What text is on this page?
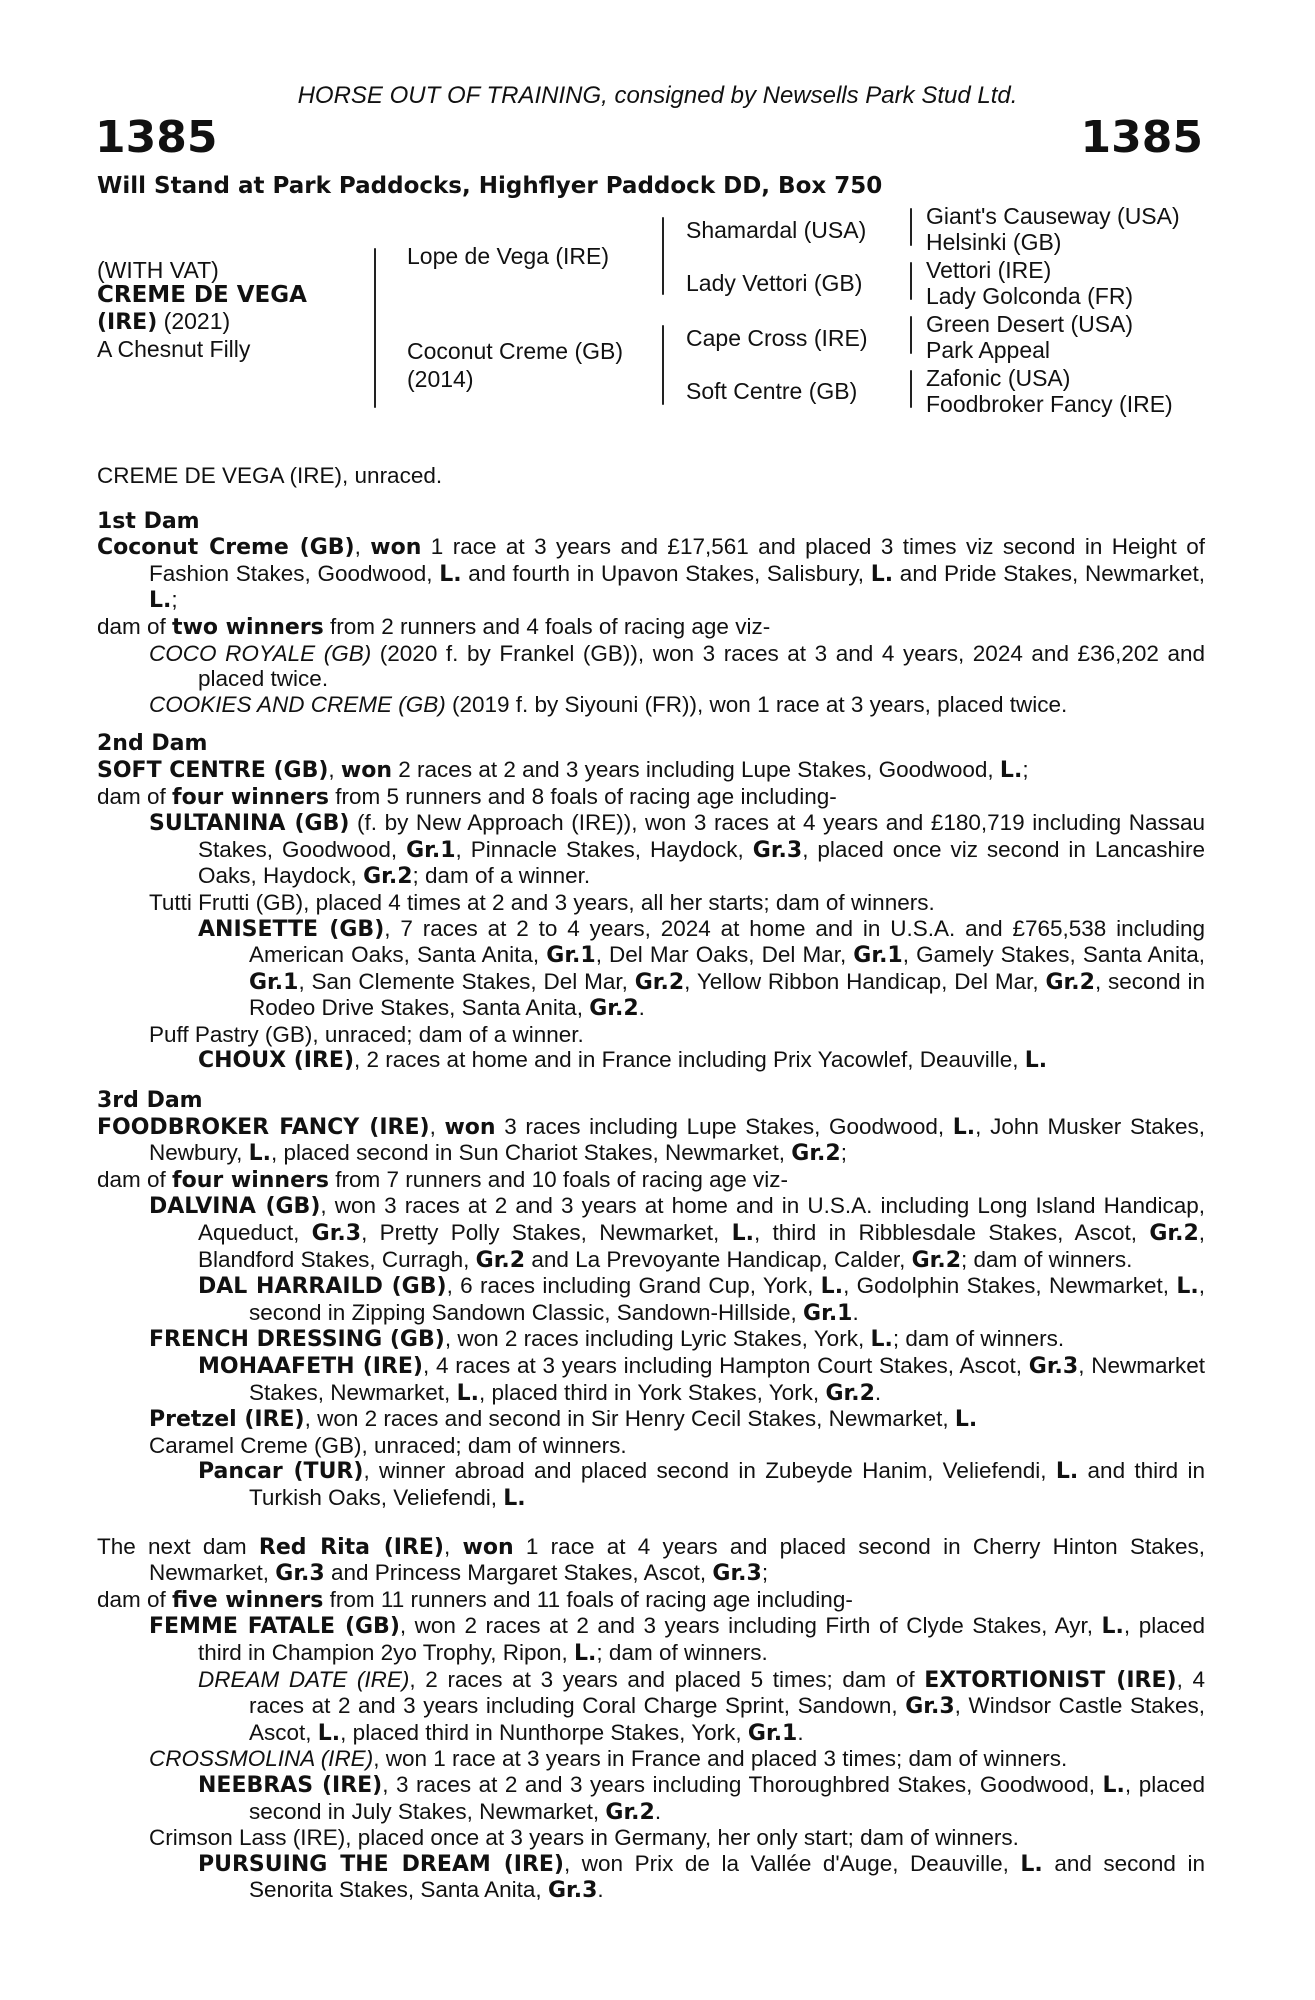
HORSE OUT OF TRAINING, consigned by Newsells Park Stud Ltd.
1385	1385
Will Stand at Park Paddocks, Highflyer Paddock DD, Box 750
(WITH VAT)
CREME DE VEGA
(IRE) (2021)
A Chesnut Filly
Lope de Vega (IRE)
Coconut Creme (GB)
(2014)
Shamardal (USA)
Lady Vettori (GB)
Cape Cross (IRE)
Soft Centre (GB)
Giant's Causeway (USA)
Helsinki (GB)
Vettori (IRE)
Lady Golconda (FR)
Green Desert (USA)
Park Appeal
Zafonic (USA)
Foodbroker Fancy (IRE)

CREME DE VEGA (IRE), unraced.

1st Dam

Coconut Creme (GB), won 1 race at 3 years and £17,561 and placed 3 times viz second in Height of Fashion Stakes, Goodwood, L. and fourth in Upavon Stakes, Salisbury, L. and Pride Stakes, Newmarket, L.;

dam of two winners from 2 runners and 4 foals of racing age viz-

COCO ROYALE (GB) (2020 f. by Frankel (GB)), won 3 races at 3 and 4 years, 2024 and £36,202 and placed twice.

COOKIES AND CREME (GB) (2019 f. by Siyouni (FR)), won 1 race at 3 years, placed twice.

2nd Dam

SOFT CENTRE (GB), won 2 races at 2 and 3 years including Lupe Stakes, Goodwood, L.;

dam of four winners from 5 runners and 8 foals of racing age including-

SULTANINA (GB) (f. by New Approach (IRE)), won 3 races at 4 years and £180,719 including Nassau Stakes, Goodwood, Gr.1, Pinnacle Stakes, Haydock, Gr.3, placed once viz second in Lancashire Oaks, Haydock, Gr.2; dam of a winner.

Tutti Frutti (GB), placed 4 times at 2 and 3 years, all her starts; dam of winners.

ANISETTE (GB), 7 races at 2 to 4 years, 2024 at home and in U.S.A. and £765,538 including American Oaks, Santa Anita, Gr.1, Del Mar Oaks, Del Mar, Gr.1, Gamely Stakes, Santa Anita, Gr.1, San Clemente Stakes, Del Mar, Gr.2, Yellow Ribbon Handicap, Del Mar, Gr.2, second in Rodeo Drive Stakes, Santa Anita, Gr.2.

Puff Pastry (GB), unraced; dam of a winner.

CHOUX (IRE), 2 races at home and in France including Prix Yacowlef, Deauville, L.

3rd Dam

FOODBROKER FANCY (IRE), won 3 races including Lupe Stakes, Goodwood, L., John Musker Stakes, Newbury, L., placed second in Sun Chariot Stakes, Newmarket, Gr.2;

dam of four winners from 7 runners and 10 foals of racing age viz-

DALVINA (GB), won 3 races at 2 and 3 years at home and in U.S.A. including Long Island Handicap, Aqueduct, Gr.3, Pretty Polly Stakes, Newmarket, L., third in Ribblesdale Stakes, Ascot, Gr.2, Blandford Stakes, Curragh, Gr.2 and La Prevoyante Handicap, Calder, Gr.2; dam of winners.

DAL HARRAILD (GB), 6 races including Grand Cup, York, L., Godolphin Stakes, Newmarket, L., second in Zipping Sandown Classic, Sandown-Hillside, Gr.1.

FRENCH DRESSING (GB), won 2 races including Lyric Stakes, York, L.; dam of winners.

MOHAAFETH (IRE), 4 races at 3 years including Hampton Court Stakes, Ascot, Gr.3, Newmarket Stakes, Newmarket, L., placed third in York Stakes, York, Gr.2.

Pretzel (IRE), won 2 races and second in Sir Henry Cecil Stakes, Newmarket, L.

Caramel Creme (GB), unraced; dam of winners.

Pancar (TUR), winner abroad and placed second in Zubeyde Hanim, Veliefendi, L. and third in Turkish Oaks, Veliefendi, L.

The next dam Red Rita (IRE), won 1 race at 4 years and placed second in Cherry Hinton Stakes, Newmarket, Gr.3 and Princess Margaret Stakes, Ascot, Gr.3;

dam of five winners from 11 runners and 11 foals of racing age including-

FEMME FATALE (GB), won 2 races at 2 and 3 years including Firth of Clyde Stakes, Ayr, L., placed third in Champion 2yo Trophy, Ripon, L.; dam of winners.

DREAM DATE (IRE), 2 races at 3 years and placed 5 times; dam of EXTORTIONIST (IRE), 4 races at 2 and 3 years including Coral Charge Sprint, Sandown, Gr.3, Windsor Castle Stakes, Ascot, L., placed third in Nunthorpe Stakes, York, Gr.1.

CROSSMOLINA (IRE), won 1 race at 3 years in France and placed 3 times; dam of winners.

NEEBRAS (IRE), 3 races at 2 and 3 years including Thoroughbred Stakes, Goodwood, L., placed second in July Stakes, Newmarket, Gr.2.

Crimson Lass (IRE), placed once at 3 years in Germany, her only start; dam of winners.

PURSUING THE DREAM (IRE), won Prix de la Vallée d'Auge, Deauville, L. and second in Senorita Stakes, Santa Anita, Gr.3.
